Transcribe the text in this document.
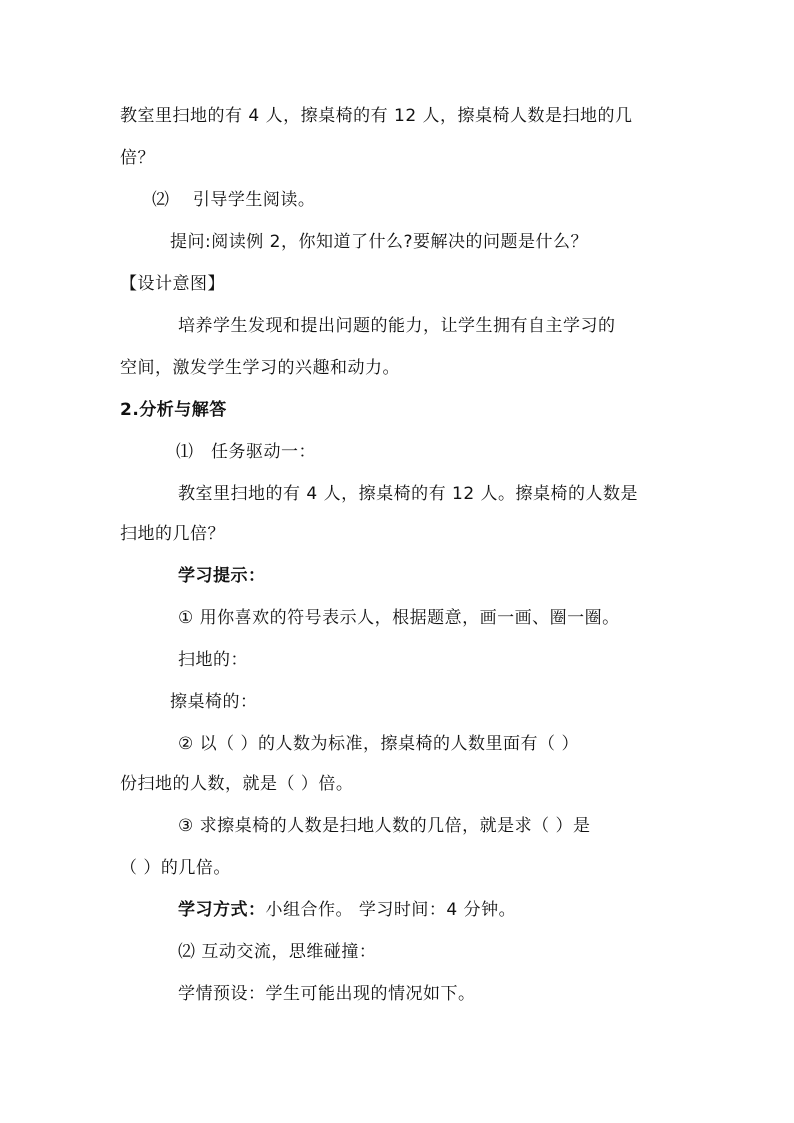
教室里扫地的有 4 人，擦桌椅的有 12 人，擦桌椅人数是扫地的几
倍？
⑵　 引导学生阅读。
提问:阅读例 2，你知道了什么?要解决的问题是什么？
【设计意图】
培养学生发现和提出问题的能力，让学生拥有自主学习的
空间，激发学生学习的兴趣和动力。
2.分析与解答
⑴　任务驱动一：
教室里扫地的有 4 人，擦桌椅的有 12 人。擦桌椅的人数是
扫地的几倍？
学习提示：
① 用你喜欢的符号表示人，根据题意，画一画、圈一圈。
扫地的：
擦桌椅的：
② 以（ ）的人数为标准，擦桌椅的人数里面有（ ）
份扫地的人数，就是（ ）倍。
③ 求擦桌椅的人数是扫地人数的几倍，就是求（ ）是
（ ）的几倍。
学习方式：小组合作。 学习时间：4 分钟。
⑵ 互动交流，思维碰撞：
学情预设：学生可能出现的情况如下。
